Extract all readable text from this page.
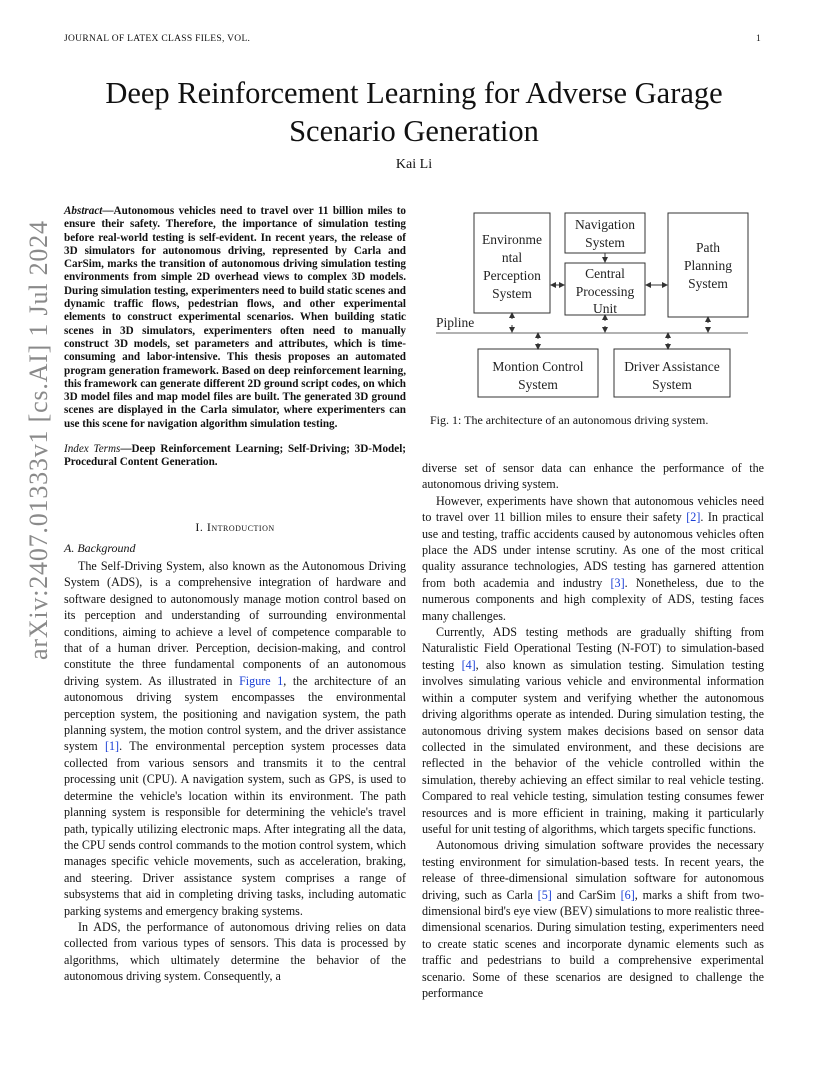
JOURNAL OF LATEX CLASS FILES, VOL.	1
Deep Reinforcement Learning for Adverse Garage
Scenario Generation
Kai Li
arXiv:2407.01333v1 [cs.AI] 1 Jul 2024
Abstract—Autonomous vehicles need to travel over 11 billion miles to ensure their safety. Therefore, the importance of simulation testing before real-world testing is self-evident. In recent years, the release of 3D simulators for autonomous driving, represented by Carla and CarSim, marks the transition of autonomous driving simulation testing environments from simple 2D overhead views to complex 3D models. During simulation testing, experimenters need to build static scenes and dynamic traffic flows, pedestrian flows, and other experimental elements to construct experimental scenarios. When building static scenes in 3D simulators, experimenters often need to manually construct 3D models, set parameters and attributes, which is time-consuming and labor-intensive. This thesis proposes an automated program generation framework. Based on deep reinforcement learning, this framework can generate different 2D ground script codes, on which 3D model files and map model files are built. The generated 3D ground scenes are displayed in the Carla simulator, where experimenters can use this scene for navigation algorithm simulation testing.
Index Terms—Deep Reinforcement Learning; Self-Driving; 3D-Model; Procedural Content Generation.
I. Introduction
A. Background

The Self-Driving System, also known as the Autonomous Driving System (ADS), is a comprehensive integration of hardware and software designed to autonomously manage motion control based on its perception and understanding of surrounding environmental conditions, aiming to achieve a level of competence comparable to that of a human driver. Perception, decision-making, and control constitute the three fundamental components of an autonomous driving system. As illustrated in Figure 1, the architecture of an autonomous driving system encompasses the environmental perception system, the positioning and navigation system, the path planning system, the motion control system, and the driver assistance system [1]. The environmental perception system processes data collected from various sensors and transmits it to the central processing unit (CPU). A navigation system, such as GPS, is used to determine the vehicle's location within its environment. The path planning system is responsible for determining the vehicle's travel path, typically utilizing electronic maps. After integrating all the data, the CPU sends control commands to the motion control system, which manages specific vehicle movements, such as acceleration, braking, and steering. Driver assistance system comprises a range of subsystems that aid in completing driving tasks, including automatic parking systems and emergency braking systems.

In ADS, the performance of autonomous driving relies on data collected from various types of sensors. This data is processed by algorithms, which ultimately determine the behavior of the autonomous driving system. Consequently, a

Environme
ntal
Perception
System
Navigation
System
Central
Processing
Unit
Path
Planning
System
Pipline
Montion Control
System
Driver Assistance
System
Fig. 1: The architecture of an autonomous driving system.

diverse set of sensor data can enhance the performance of the autonomous driving system.

However, experiments have shown that autonomous vehicles need to travel over 11 billion miles to ensure their safety [2]. In practical use and testing, traffic accidents caused by autonomous vehicles often place the ADS under intense scrutiny. As one of the most critical quality assurance technologies, ADS testing has garnered attention from both academia and industry [3]. Nonetheless, due to the numerous components and high complexity of ADS, testing faces many challenges.

Currently, ADS testing methods are gradually shifting from Naturalistic Field Operational Testing (N-FOT) to simulation-based testing [4], also known as simulation testing. Simulation testing involves simulating various vehicle and environmental information within a computer system and verifying whether the autonomous driving algorithms operate as intended. During simulation testing, the autonomous driving system makes decisions based on sensor data collected in the simulated environment, and these decisions are reflected in the behavior of the vehicle controlled within the simulation, thereby achieving an effect similar to real vehicle testing. Compared to real vehicle testing, simulation testing consumes fewer resources and is more efficient in training, making it particularly useful for unit testing of algorithms, which targets specific functions.

Autonomous driving simulation software provides the necessary testing environment for simulation-based tests. In recent years, the release of three-dimensional simulation software for autonomous driving, such as Carla [5] and CarSim [6], marks a shift from two-dimensional bird's eye view (BEV) simulations to more realistic three-dimensional scenarios. During simulation testing, experimenters need to create static scenes and incorporate dynamic elements such as traffic and pedestrians to build a comprehensive experimental scenario. Some of these scenarios are designed to challenge the performance
